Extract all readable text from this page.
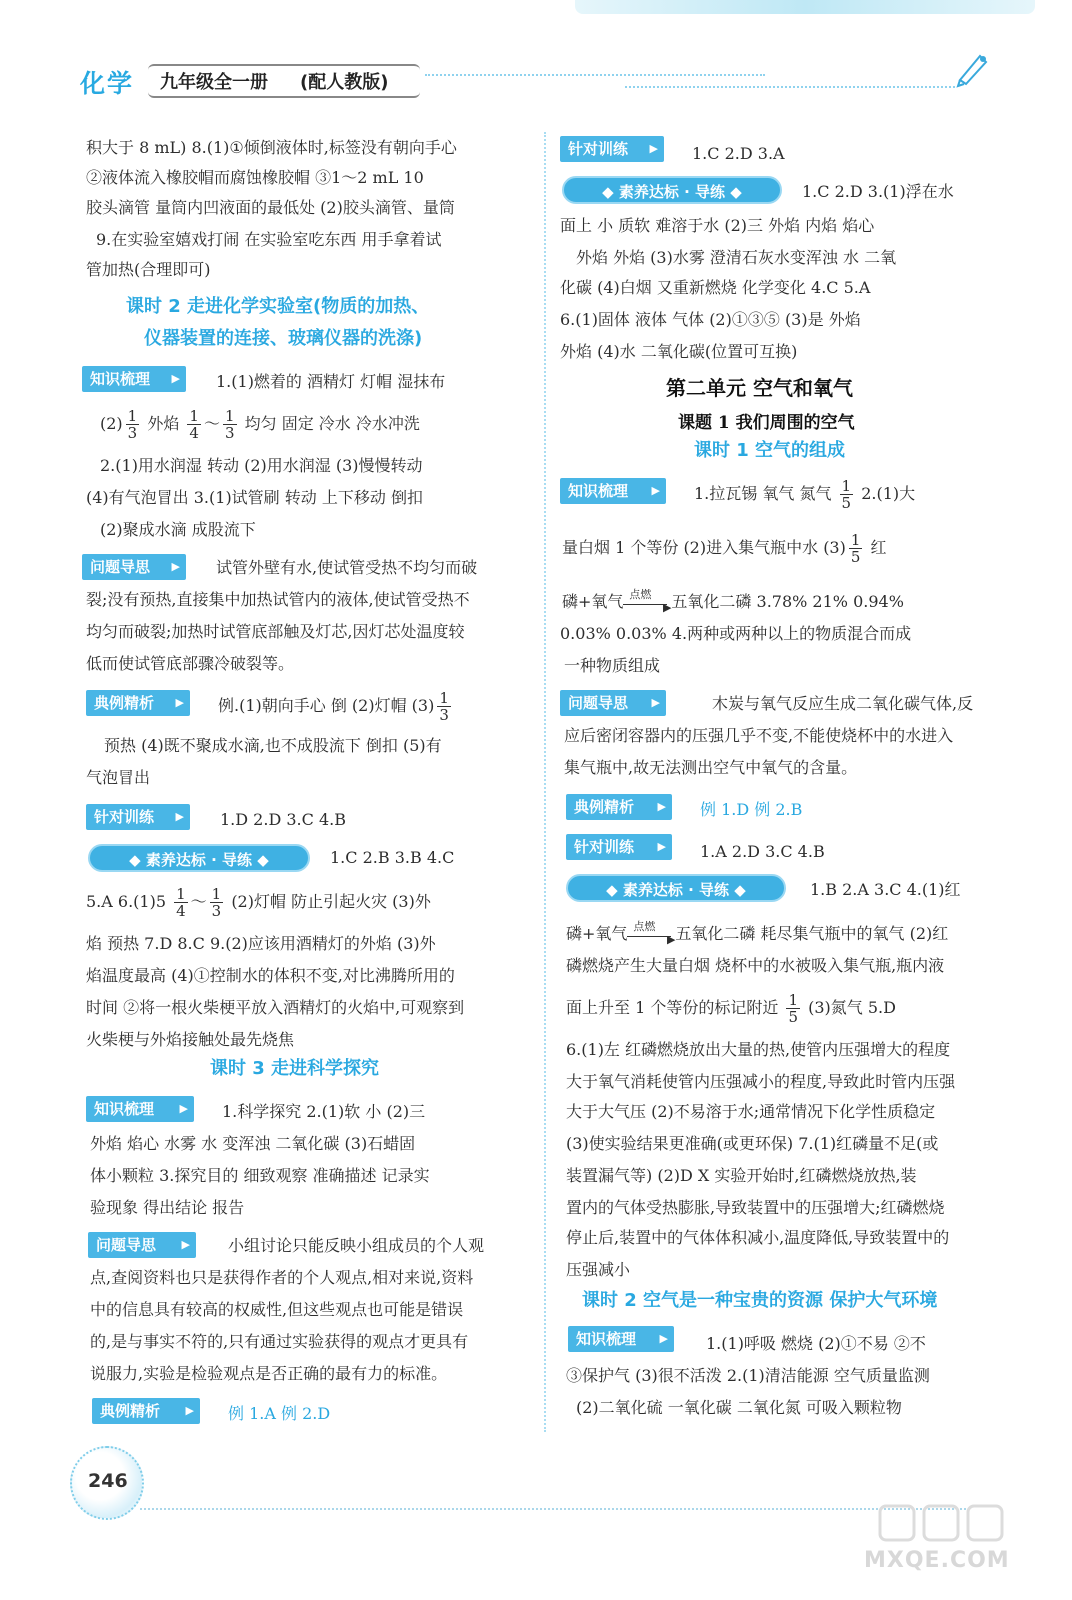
化学 九年级全一册 (配人教版)
积大于 8 mL) 8.(1)①倾倒液体时,标签没有朝向手心
②液体流入橡胶帽而腐蚀橡胶帽 ③1～2 mL 10
胶头滴管 量筒内凹液面的最低处 (2)胶头滴管、量筒
9.在实验室嬉戏打闹 在实验室吃东西 用手拿着试
管加热(合理即可)
课时 2 走进化学实验室(物质的加热、
仪器装置的连接、玻璃仪器的洗涤)
知识梳理 ▶	1.(1)燃着的 酒精灯 灯帽 湿抹布
$(2) \frac{1}{3}$ 外焰 $\frac{1}{4}$ ～ $\frac{1}{3}$ 均匀 固定 冷水 冷水冲洗
2.(1)用水润湿 转动 (2)用水润湿 (3)慢慢转动
(4)有气泡冒出 3.(1)试管刷 转动 上下移动 倒扣
(2)聚成水滴 成股流下
问题导思 ▶	试管外壁有水,使试管受热不均匀而破
裂;没有预热,直接集中加热试管内的液体,使试管受热不
均匀而破裂;加热时试管底部触及灯芯,因灯芯处温度较
低而使试管底部骤冷破裂等。
典例精析 ▶	例.(1)朝向手心 倒 (2)灯帽 $(3) \frac{1}{3}$
预热 (4)既不聚成水滴,也不成股流下 倒扣 (5)有
气泡冒出
针对训练 ▶	1.D 2.D 3.C 4.B
◆ 素养达标 · 导练 ◆	1.C 2.B 3.B 4.C
5.A $6.(1)5 \frac{1}{4}$ ～ $\frac{1}{3} (2)$灯帽 防止引起火灾 (3)外
焰 预热 7.D 8.C 9.(2)应该用酒精灯的外焰 (3)外
焰温度最高 (4)①控制水的体积不变,对比沸腾所用的
时间 ②将一根火柴梗平放入酒精灯的火焰中,可观察到
火柴梗与外焰接触处最先烧焦
课时 3 走进科学探究
知识梳理 ▶	1.科学探究 2.(1)软 小 (2)三
外焰 焰心 水雾 水 变浑浊 二氧化碳 (3)石蜡固
体小颗粒 3.探究目的 细致观察 准确描述 记录实
验现象 得出结论 报告
问题导思 ▶	小组讨论只能反映小组成员的个人观
点,查阅资料也只是获得作者的个人观点,相对来说,资料
中的信息具有较高的权威性,但这些观点也可能是错误
的,是与事实不符的,只有通过实验获得的观点才更具有
说服力,实验是检验观点是否正确的最有力的标准。
典例精析 ▶	例 1.A 例 2.D
针对训练 ▶	1.C 2.D 3.A
◆ 素养达标 · 导练 ◆	1.C 2.D 3.(1)浮在水
面上 小 质软 难溶于水 (2)三 外焰 内焰 焰心
外焰 外焰 (3)水雾 澄清石灰水变浑浊 水 二氧
化碳 (4)白烟 又重新燃烧 化学变化 4.C 5.A
6.(1)固体 液体 气体 (2)①③⑤ (3)是 外焰
外焰 (4)水 二氧化碳(位置可互换)
第二单元 空气和氧气
课题 1 我们周围的空气
课时 1 空气的组成
知识梳理 ▶	1.拉瓦锡 氧气 氮气 $\frac{1}{5} 2.(1)$大
量白烟 1 个等份 (2)进入集气瓶中水 $(3) \frac{1}{5}$ 红
磷+氧气 点燃
▶ 五氧化二磷 3.78% 21% 0.94%
0.03% 0.03% 4.两种或两种以上的物质混合而成
一种物质组成
问题导思 ▶	木炭与氧气反应生成二氧化碳气体,反
应后密闭容器内的压强几乎不变,不能使烧杯中的水进入
集气瓶中,故无法测出空气中氧气的含量。
典例精析 ▶	例 1.D 例 2.B
针对训练 ▶	1.A 2.D 3.C 4.B
◆ 素养达标 · 导练 ◆	1.B 2.A 3.C 4.(1)红
磷+氧气 点燃
▶ 五氧化二磷 耗尽集气瓶中的氧气 (2)红
磷燃烧产生大量白烟 烧杯中的水被吸入集气瓶,瓶内液
面上升至 1 个等份的标记附近 $\frac{1}{5} (3)$氮气 5.D
6.(1)左 红磷燃烧放出大量的热,使管内压强增大的程度
大于氧气消耗使管内压强减小的程度,导致此时管内压强
大于大气压 (2)不易溶于水;通常情况下化学性质稳定
(3)使实验结果更准确(或更环保) 7.(1)红磷量不足(或
装置漏气等) (2)D X 实验开始时,红磷燃烧放热,装
置内的气体受热膨胀,导致装置中的压强增大;红磷燃烧
停止后,装置中的气体体积减小,温度降低,导致装置中的
压强减小
课时 2 空气是一种宝贵的资源 保护大气环境
知识梳理 ▶	1.(1)呼吸 燃烧 (2)①不易 ②不
③保护气 (3)很不活泼 2.(1)清洁能源 空气质量监测
(2)二氧化硫 一氧化碳 二氧化氮 可吸入颗粒物
246
MXQE.COM
